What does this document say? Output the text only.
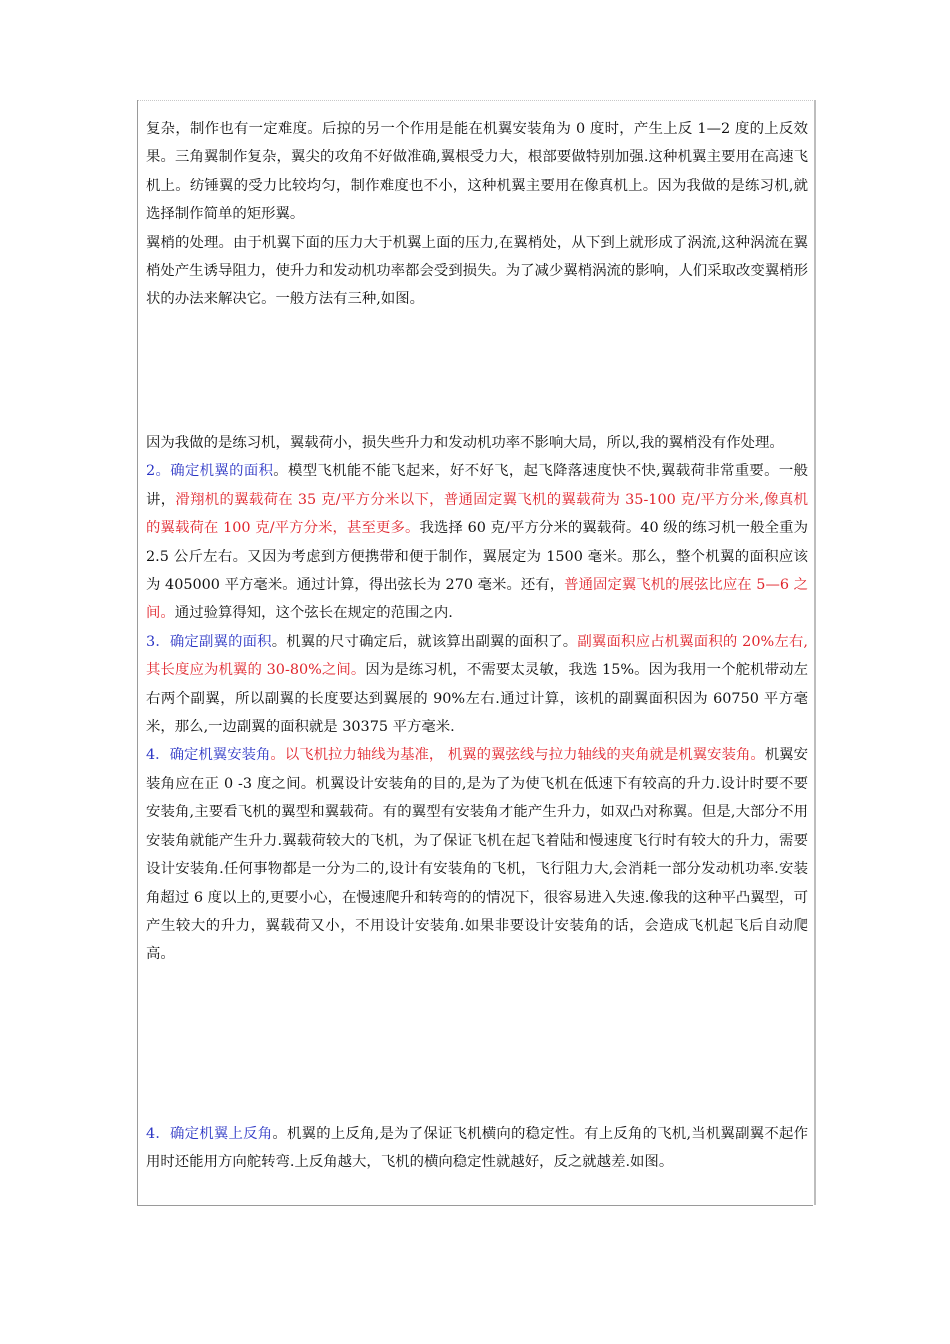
复杂，制作也有一定难度。后掠的另一个作用是能在机翼安装角为 0 度时，产生上反 1—2 度的上反效果。三角翼制作复杂，翼尖的攻角不好做准确,翼根受力大，根部要做特别加强.这种机翼主要用在高速飞机上。纺锤翼的受力比较均匀，制作难度也不小，这种机翼主要用在像真机上。因为我做的是练习机,就选择制作简单的矩形翼。

翼梢的处理。由于机翼下面的压力大于机翼上面的压力,在翼梢处，从下到上就形成了涡流,这种涡流在翼梢处产生诱导阻力，使升力和发动机功率都会受到损失。为了减少翼梢涡流的影响，人们采取改变翼梢形状的办法来解决它。一般方法有三种,如图。

因为我做的是练习机，翼载荷小，损失些升力和发动机功率不影响大局，所以,我的翼梢没有作处理。

2。确定机翼的面积。模型飞机能不能飞起来，好不好飞，起飞降落速度快不快,翼载荷非常重要。一般讲，滑翔机的翼载荷在 35 克/平方分米以下，普通固定翼飞机的翼载荷为 35-100 克/平方分米,像真机的翼载荷在 100 克/平方分米，甚至更多。我选择 60 克/平方分米的翼载荷。40 级的练习机一般全重为 2.5 公斤左右。又因为考虑到方便携带和便于制作，翼展定为 1500 毫米。那么，整个机翼的面积应该为 405000 平方毫米。通过计算，得出弦长为 270 毫米。还有，普通固定翼飞机的展弦比应在 5—6 之间。通过验算得知，这个弦长在规定的范围之内.

3．确定副翼的面积。机翼的尺寸确定后，就该算出副翼的面积了。副翼面积应占机翼面积的 20%左右,其长度应为机翼的 30-80%之间。因为是练习机，不需要太灵敏，我选 15%。因为我用一个舵机带动左右两个副翼，所以副翼的长度要达到翼展的 90%左右.通过计算，该机的副翼面积因为 60750 平方毫米，那么,一边副翼的面积就是 30375 平方毫米.

4．确定机翼安装角。以飞机拉力轴线为基准， 机翼的翼弦线与拉力轴线的夹角就是机翼安装角。机翼安装角应在正 0 -3 度之间。机翼设计安装角的目的,是为了为使飞机在低速下有较高的升力.设计时要不要安装角,主要看飞机的翼型和翼载荷。有的翼型有安装角才能产生升力，如双凸对称翼。但是,大部分不用安装角就能产生升力.翼载荷较大的飞机，为了保证飞机在起飞着陆和慢速度飞行时有较大的升力，需要设计安装角.任何事物都是一分为二的,设计有安装角的飞机，飞行阻力大,会消耗一部分发动机功率.安装角超过 6 度以上的,更要小心，在慢速爬升和转弯的的情况下，很容易进入失速.像我的这种平凸翼型，可产生较大的升力，翼载荷又小，不用设计安装角.如果非要设计安装角的话，会造成飞机起飞后自动爬高。

4．确定机翼上反角。机翼的上反角,是为了保证飞机横向的稳定性。有上反角的飞机,当机翼副翼不起作用时还能用方向舵转弯.上反角越大，飞机的横向稳定性就越好，反之就越差.如图。
